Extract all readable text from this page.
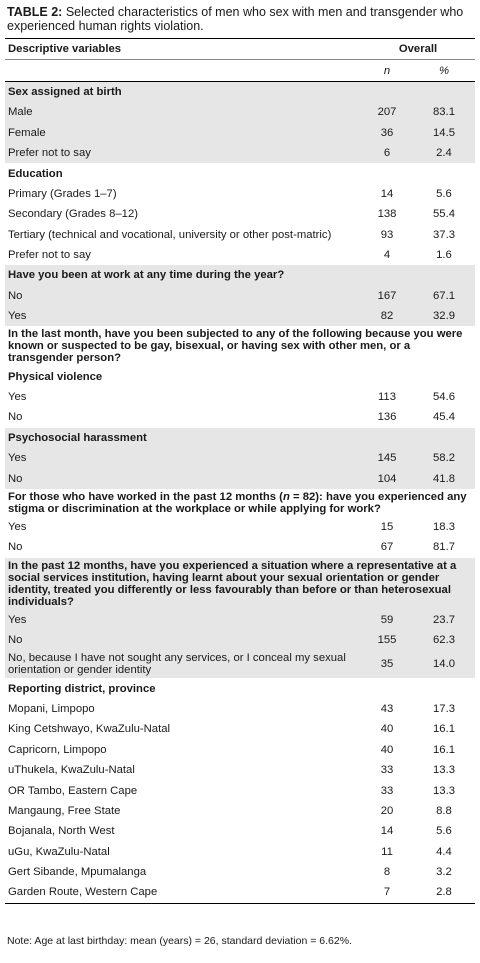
TABLE 2: Selected characteristics of men who sex with men and transgender who experienced human rights violation.
Descriptive variables	Overall	
	n	%
Sex assigned at birth		
Male	207	83.1
Female	36	14.5
Prefer not to say	6	2.4
Education		
Primary (Grades 1–7)	14	5.6
Secondary (Grades 8–12)	138	55.4
Tertiary (technical and vocational, university or other post-matric)	93	37.3
Prefer not to say	4	1.6
Have you been at work at any time during the year?		
No	167	67.1
Yes	82	32.9
In the last month, have you been subjected to any of the following because you were known or suspected to be gay, bisexual, or having sex with other men, or a transgender person?		
Physical violence		
Yes	113	54.6
No	136	45.4
Psychosocial harassment		
Yes	145	58.2
No	104	41.8
For those who have worked in the past 12 months (n = 82): have you experienced any stigma or discrimination at the workplace or while applying for work?		
Yes	15	18.3
No	67	81.7
In the past 12 months, have you experienced a situation where a representative at a social services institution, having learnt about your sexual orientation or gender identity, treated you differently or less favourably than before or than heterosexual individuals?		
Yes	59	23.7
No	155	62.3
No, because I have not sought any services, or I conceal my sexual orientation or gender identity	35	14.0
Reporting district, province		
Mopani, Limpopo	43	17.3
King Cetshwayo, KwaZulu-Natal	40	16.1
Capricorn, Limpopo	40	16.1
uThukela, KwaZulu-Natal	33	13.3
OR Tambo, Eastern Cape	33	13.3
Mangaung, Free State	20	8.8
Bojanala, North West	14	5.6
uGu, KwaZulu-Natal	11	4.4
Gert Sibande, Mpumalanga	8	3.2
Garden Route, Western Cape	7	2.8
Note: Age at last birthday: mean (years) = 26, standard deviation = 6.62%.
